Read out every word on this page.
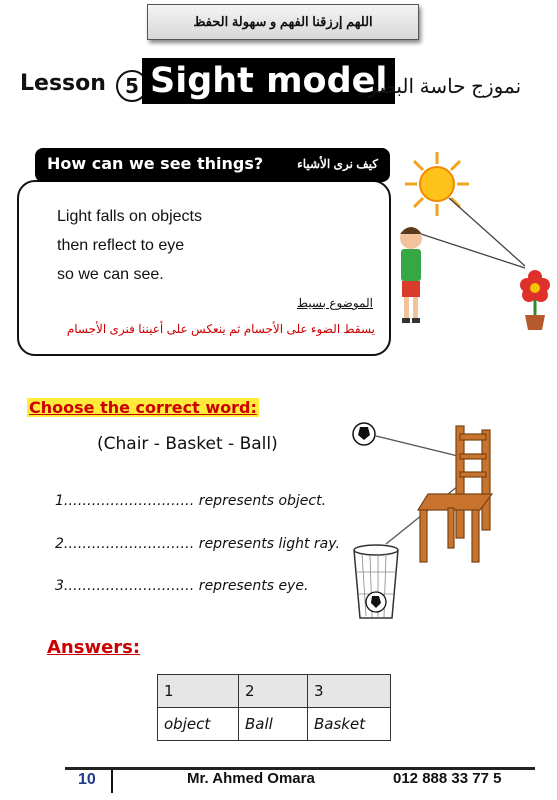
اللهم إرزقنا الفهم و سهولة الحفظ
Lesson 5 Sight model
نموزج حاسة البصر
Light falls on objects
then reflect to eye
so we can see.
الموضوع بسيط
يسقط الضوء على الأجسام ثم ينعكس على أعيننا فنرى الأجسام
How can we see things?	كيف نرى الأشياء
Choose the correct word:
(Chair - Basket - Ball)
1.……………………… represents object.
2.……………………… represents light ray.
3.……………………… represents eye.
Answers:
1	2	3
object	Ball	Basket
10	Mr. Ahmed Omara	012 888 33 77 5
